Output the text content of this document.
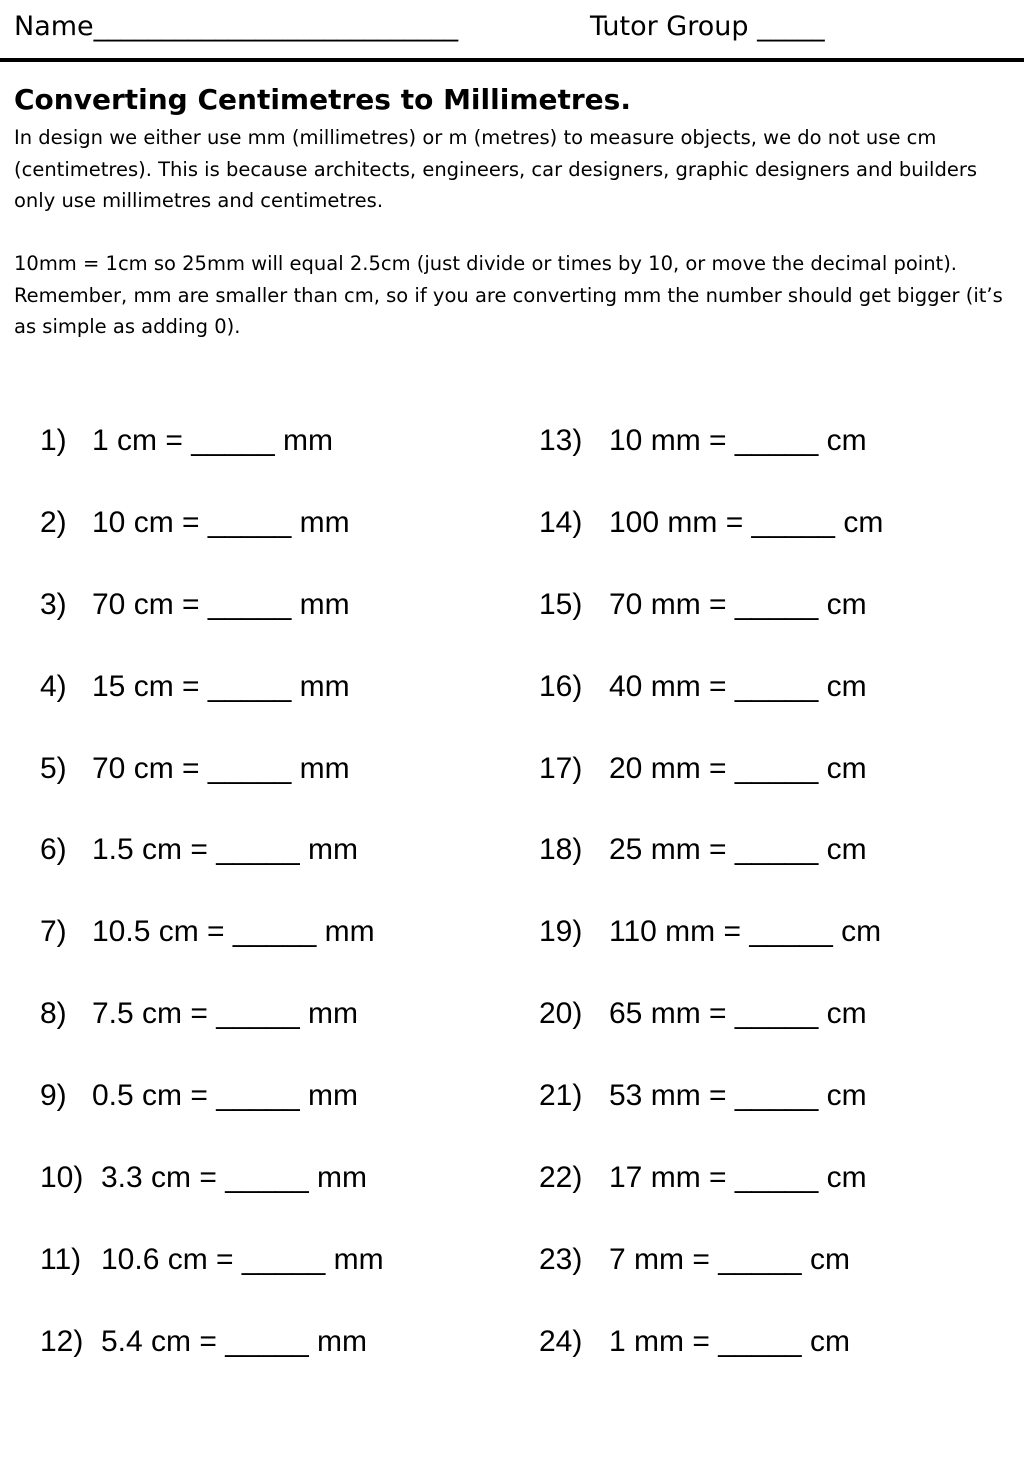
Name___________________________	Tutor Group _____
Converting Centimetres to Millimetres.

In design we either use mm (millimetres) or m (metres) to measure objects, we do not use cm (centimetres). This is because architects, engineers, car designers, graphic designers and builders only use millimetres and centimetres.

10mm = 1cm so 25mm will equal 2.5cm (just divide or times by 10, or move the decimal point).

Remember, mm are smaller than cm, so if you are converting mm the number should get bigger (it’s as simple as adding 0).

1) 1 cm = _____ mm
2) 10 cm = _____ mm
3) 70 cm = _____ mm
4) 15 cm = _____ mm
5) 70 cm = _____ mm
6) 1.5 cm = _____ mm
7) 10.5 cm = _____ mm
8) 7.5 cm = _____ mm
9) 0.5 cm = _____ mm
10) 3.3 cm = _____ mm
11) 10.6 cm = _____ mm
12) 5.4 cm = _____ mm
13) 10 mm = _____ cm
14) 100 mm = _____ cm
15) 70 mm = _____ cm
16) 40 mm = _____ cm
17) 20 mm = _____ cm
18) 25 mm = _____ cm
19) 110 mm = _____ cm
20) 65 mm = _____ cm
21) 53 mm = _____ cm
22) 17 mm = _____ cm
23) 7 mm = _____ cm
24) 1 mm = _____ cm
